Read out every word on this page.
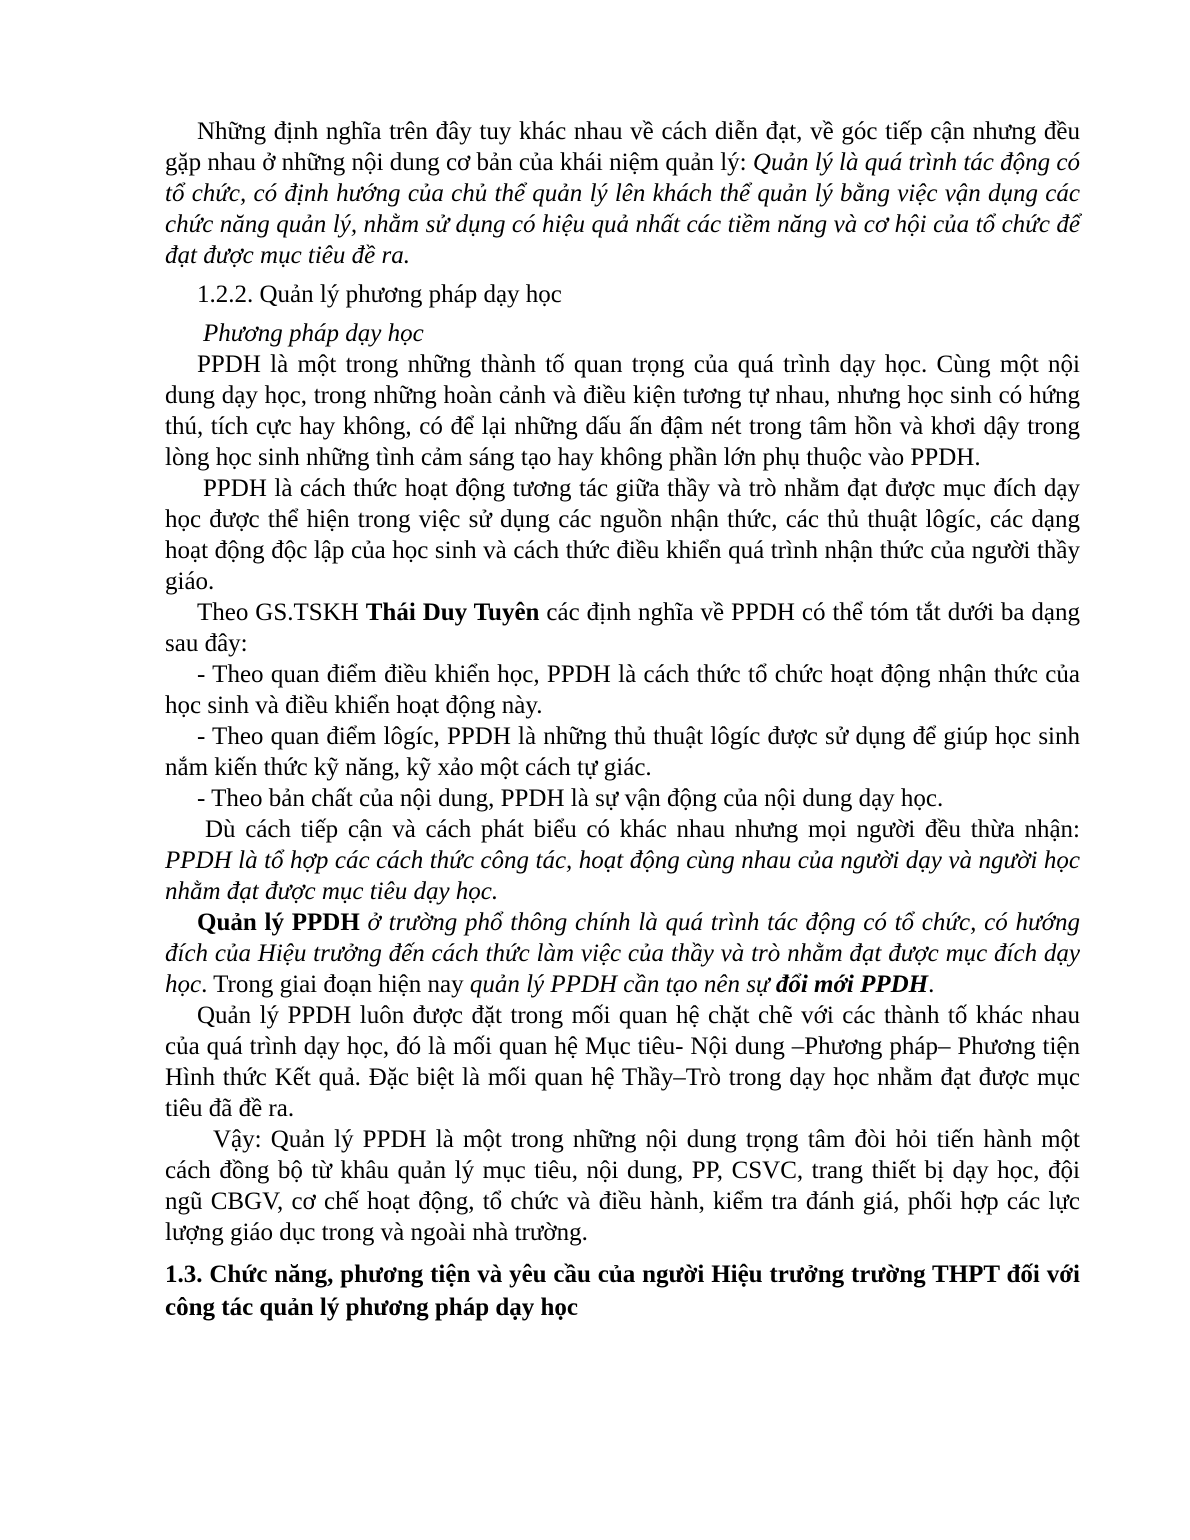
Những định nghĩa trên đây tuy khác nhau về cách diễn đạt, về góc tiếp cận nhưng đều gặp nhau ở những nội dung cơ bản của khái niệm quản lý: Quản lý là quá trình tác động có tổ chức, có định hướng của chủ thể quản lý lên khách thể quản lý bằng việc vận dụng các chức năng quản lý, nhằm sử dụng có hiệu quả nhất các tiềm năng và cơ hội của tổ chức để đạt được mục tiêu đề ra.

1.2.2. Quản lý phương pháp dạy học

Phương pháp dạy học

PPDH là một trong những thành tố quan trọng của quá trình dạy học. Cùng một nội dung dạy học, trong những hoàn cảnh và điều kiện tương tự nhau, nhưng học sinh có hứng thú, tích cực hay không, có để lại những dấu ấn đậm nét trong tâm hồn và khơi dậy trong lòng học sinh những tình cảm sáng tạo hay không phần lớn phụ thuộc vào PPDH.

PPDH là cách thức hoạt động tương tác giữa thầy và trò nhằm đạt được mục đích dạy học được thể hiện trong việc sử dụng các nguồn nhận thức, các thủ thuật lôgíc, các dạng hoạt động độc lập của học sinh và cách thức điều khiển quá trình nhận thức của người thầy giáo.

Theo GS.TSKH Thái Duy Tuyên các định nghĩa về PPDH có thể tóm tắt dưới ba dạng sau đây:

- Theo quan điểm điều khiển học, PPDH là cách thức tổ chức hoạt động nhận thức của học sinh và điều khiển hoạt động này.

- Theo quan điểm lôgíc, PPDH là những thủ thuật lôgíc được sử dụng để giúp học sinh nắm kiến thức kỹ năng, kỹ xảo một cách tự giác.

- Theo bản chất của nội dung, PPDH là sự vận động của nội dung dạy học.

Dù cách tiếp cận và cách phát biểu có khác nhau nhưng mọi người đều thừa nhận: PPDH là tổ hợp các cách thức công tác, hoạt động cùng nhau của người dạy và người học nhằm đạt được mục tiêu dạy học.

Quản lý PPDH ở trường phổ thông chính là quá trình tác động có tổ chức, có hướng đích của Hiệu trưởng đến cách thức làm việc của thầy và trò nhằm đạt được mục đích dạy học. Trong giai đoạn hiện nay quản lý PPDH cần tạo nên sự đổi mới PPDH.

Quản lý PPDH luôn được đặt trong mối quan hệ chặt chẽ với các thành tố khác nhau của quá trình dạy học, đó là mối quan hệ Mục tiêu- Nội dung –Phương pháp– Phương tiện Hình thức Kết quả. Đặc biệt là mối quan hệ Thầy–Trò trong dạy học nhằm đạt được mục tiêu đã đề ra.

Vậy: Quản lý PPDH là một trong những nội dung trọng tâm đòi hỏi tiến hành một cách đồng bộ từ khâu quản lý mục tiêu, nội dung, PP, CSVC, trang thiết bị dạy học, đội ngũ CBGV, cơ chế hoạt động, tổ chức và điều hành, kiểm tra đánh giá, phối hợp các lực lượng giáo dục trong và ngoài nhà trường.

1.3. Chức năng, phương tiện và yêu cầu của người Hiệu trưởng trường THPT đối với công tác quản lý phương pháp dạy học
